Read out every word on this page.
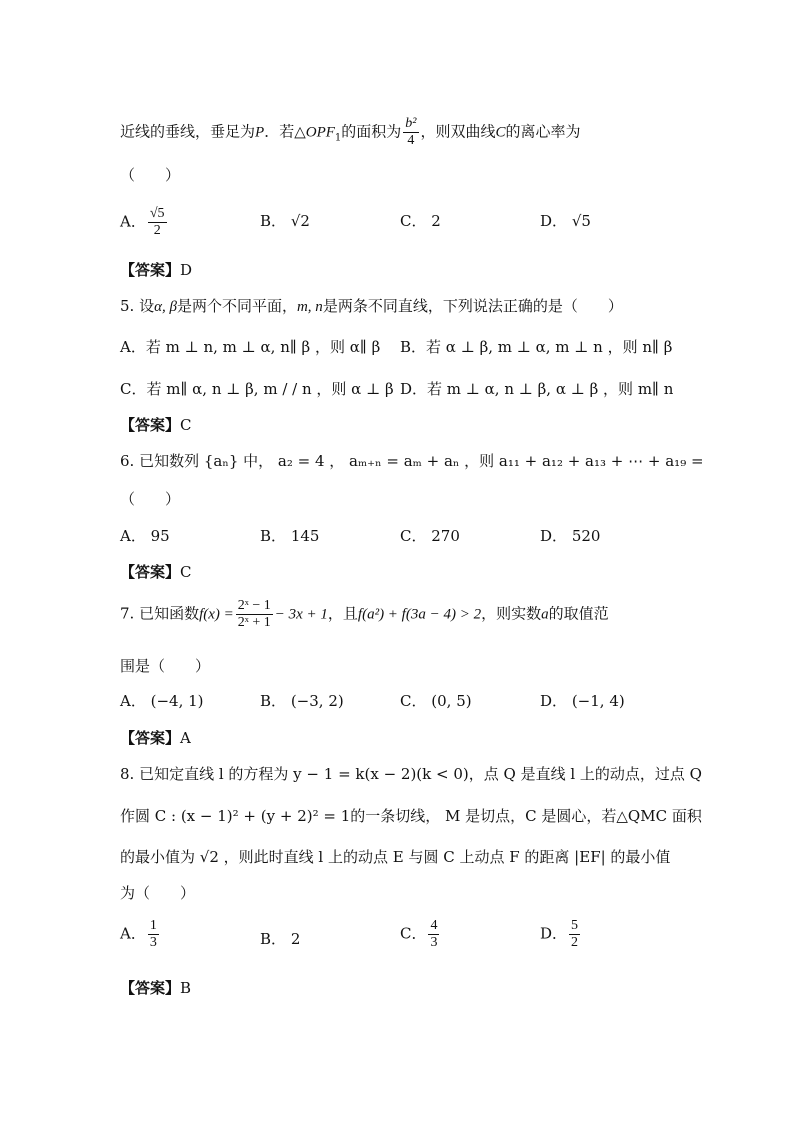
近线的垂线，垂足为P．若$\triangle OPF_1$的面积为 $\frac{\text{b²}}{4}$ ，则双曲线C的离心率为
（　　）
A． $\frac{√5}{2}$	B． √2	C． 2	D． √5
【答案】D
5. 设α, β是两个不同平面，m, n是两条不同直线，下列说法正确的是（　　）
A．若 m ⊥ n, m ⊥ α, n∥ β ，则 α∥ β B．若 α ⊥ β, m ⊥ α, m ⊥ n ，则 n∥ β
C．若 m∥ α, n ⊥ β, m / / n ，则 α ⊥ β D．若 m ⊥ α, n ⊥ β, α ⊥ β ，则 m∥ n
【答案】C
6. 已知数列 {aₙ} 中， a₂ = 4 ， aₘ₊ₙ = aₘ + aₙ ，则 a₁₁ + a₁₂ + a₁₃ + ⋯ + a₁₉ =
（　　）
A． 95	B． 145	C． 270	D． 520
【答案】C
7. 已知函数$f(x) = \frac{\text{2ˣ − 1}}{\text{2ˣ + 1}} - 3x + 1$，且f(a²) + f(3a − 4) > 2，则实数a的取值范
围是（　　）
A． (−4, 1)	B． (−3, 2)	C． (0, 5)	D． (−1, 4)
【答案】A
8. 已知定直线 l 的方程为 y − 1 = k(x − 2)(k < 0)，点 Q 是直线 l 上的动点，过点 Q
作圆 C : (x − 1)² + (y + 2)² = 1的一条切线， M 是切点，C 是圆心，若△QMC 面积
的最小值为 √2 ，则此时直线 l 上的动点 E 与圆 C 上动点 F 的距离 |EF| 的最小值
为（　　）
A． $\frac{1}{3}$	B． 2	C． $\frac{4}{3}$	D． $\frac{5}{2}$
【答案】B
